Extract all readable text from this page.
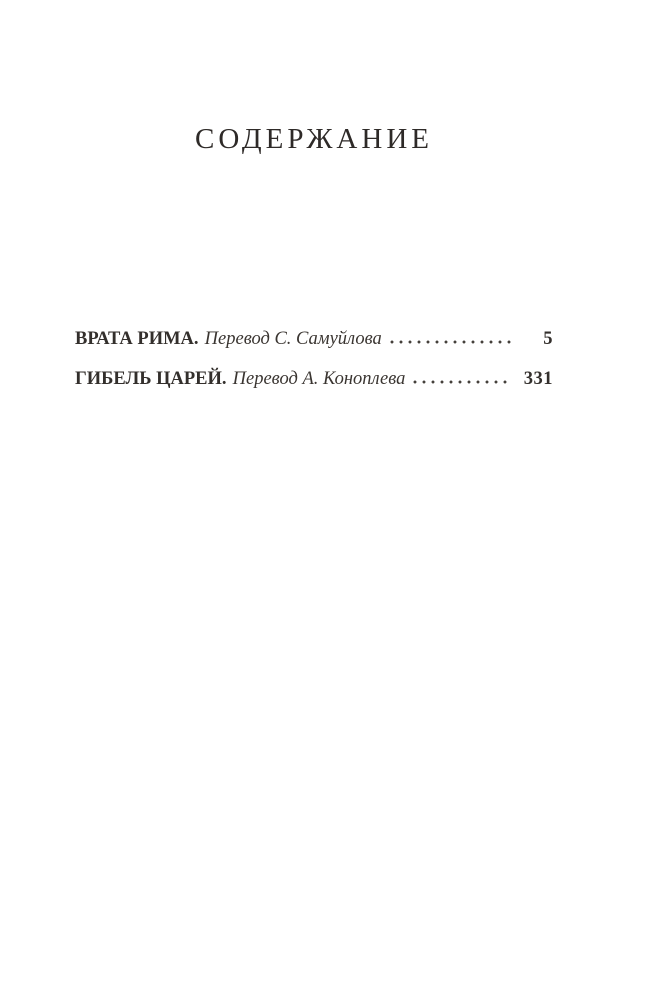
СОДЕРЖАНИЕ
ВРАТА РИМА. Перевод С. Самуйлова	5
ГИБЕЛЬ ЦАРЕЙ. Перевод А. Коноплева	331
